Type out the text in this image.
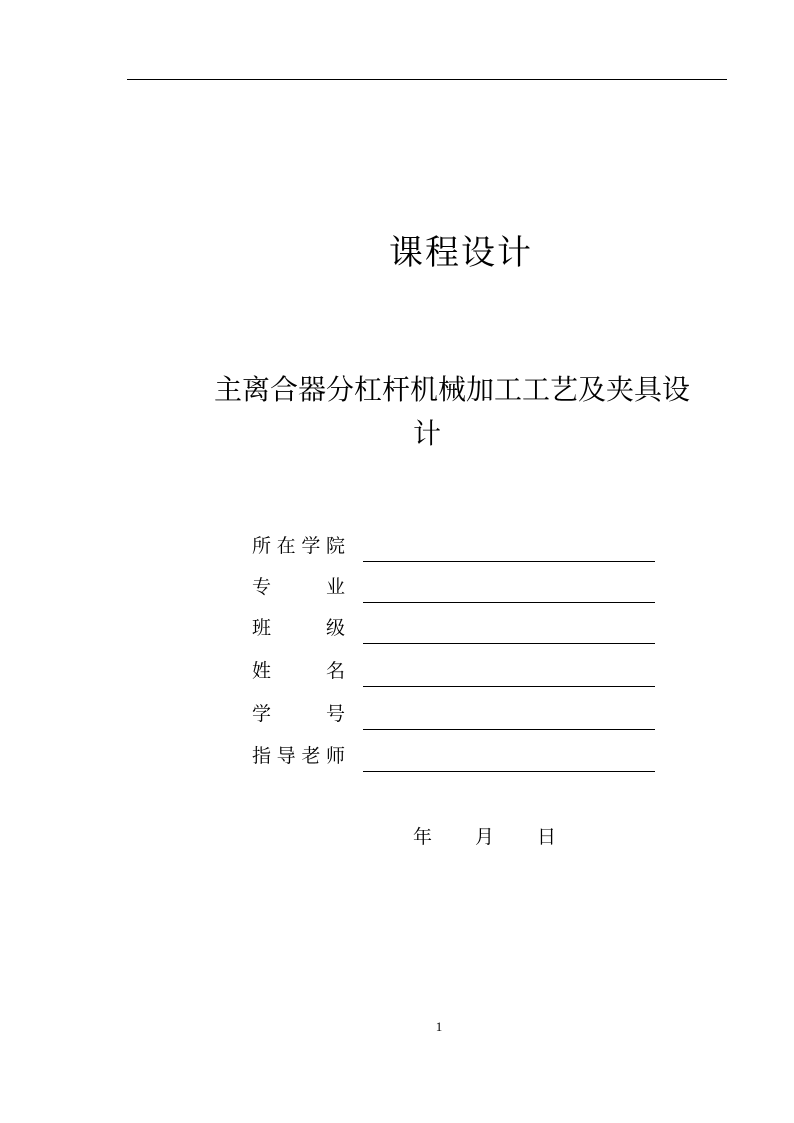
课程设计
主离合器分杠杆机械加工工艺及夹具设
计
所在学院
专业
班级
姓名
学号
指导老师
年 月 日
1
